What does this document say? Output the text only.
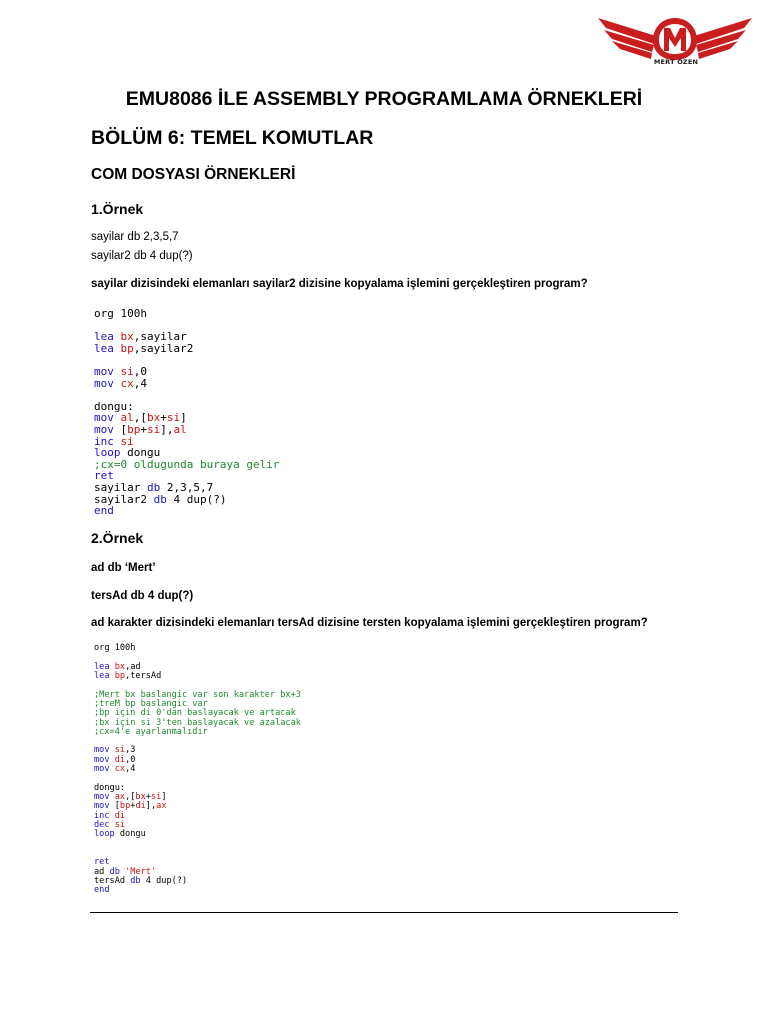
MERT ÖZEN
EMU8086 İLE ASSEMBLY PROGRAMLAMA ÖRNEKLERİ
BÖLÜM 6: TEMEL KOMUTLAR
COM DOSYASI ÖRNEKLERİ
1.Örnek
sayilar db 2,3,5,7
sayilar2 db 4 dup(?)
sayilar dizisindeki elemanları sayilar2 dizisine kopyalama işlemini gerçekleştiren program?
org 100h

lea bx,sayilar
lea bp,sayilar2

mov si,0
mov cx,4

dongu:
mov al,[bx+si]
mov [bp+si],al
inc si
loop dongu
;cx=0 oldugunda buraya gelir
ret
sayilar db 2,3,5,7
sayilar2 db 4 dup(?)
end
2.Örnek
ad db ‘Mert’
tersAd db 4 dup(?)
ad karakter dizisindeki elemanları tersAd dizisine tersten kopyalama işlemini gerçekleştiren program?
org 100h

lea bx,ad
lea bp,tersAd

;Mert bx baslangic var son karakter bx+3
;treM bp baslangic var
;bp için di 0'dan baslayacak ve artacak
;bx için si 3'ten baslayacak ve azalacak
;cx=4'e ayarlanmalıdır

mov si,3
mov di,0
mov cx,4

dongu:
mov ax,[bx+si]
mov [bp+di],ax
inc di
dec si
loop dongu

ret
ad db 'Mert'
tersAd db 4 dup(?)
end
